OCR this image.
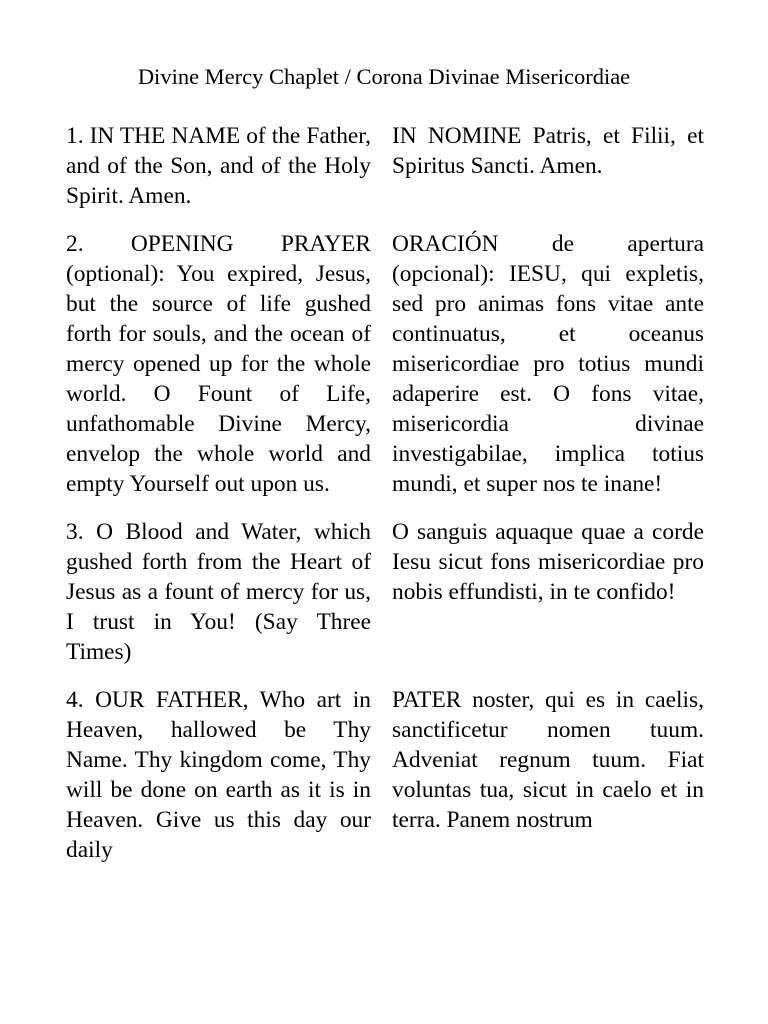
Divine Mercy Chaplet / Corona Divinae Misericordiae
1. IN THE NAME of the Father, and of the Son, and of the Holy Spirit. Amen.
IN NOMINE Patris, et Filii, et Spiritus Sancti. Amen.
2. OPENING PRAYER (optional): You expired, Jesus, but the source of life gushed forth for souls, and the ocean of mercy opened up for the whole world. O Fount of Life, unfathomable Divine Mercy, envelop the whole world and empty Yourself out upon us.
ORACIÓN de apertura (opcional): IESU, qui expletis, sed pro animas fons vitae ante continuatus, et oceanus misericordiae pro totius mundi adaperire est. O fons vitae, misericordia divinae investigabilae, implica totius mundi, et super nos te inane!
3. O Blood and Water, which gushed forth from the Heart of Jesus as a fount of mercy for us, I trust in You! (Say Three Times)
O sanguis aquaque quae a corde Iesu sicut fons misericordiae pro nobis effundisti, in te confido!
4. OUR FATHER, Who art in Heaven, hallowed be Thy Name. Thy kingdom come, Thy will be done on earth as it is in Heaven. Give us this day our daily
PATER noster, qui es in caelis, sanctificetur nomen tuum. Adveniat regnum tuum. Fiat voluntas tua, sicut in caelo et in terra. Panem nostrum
